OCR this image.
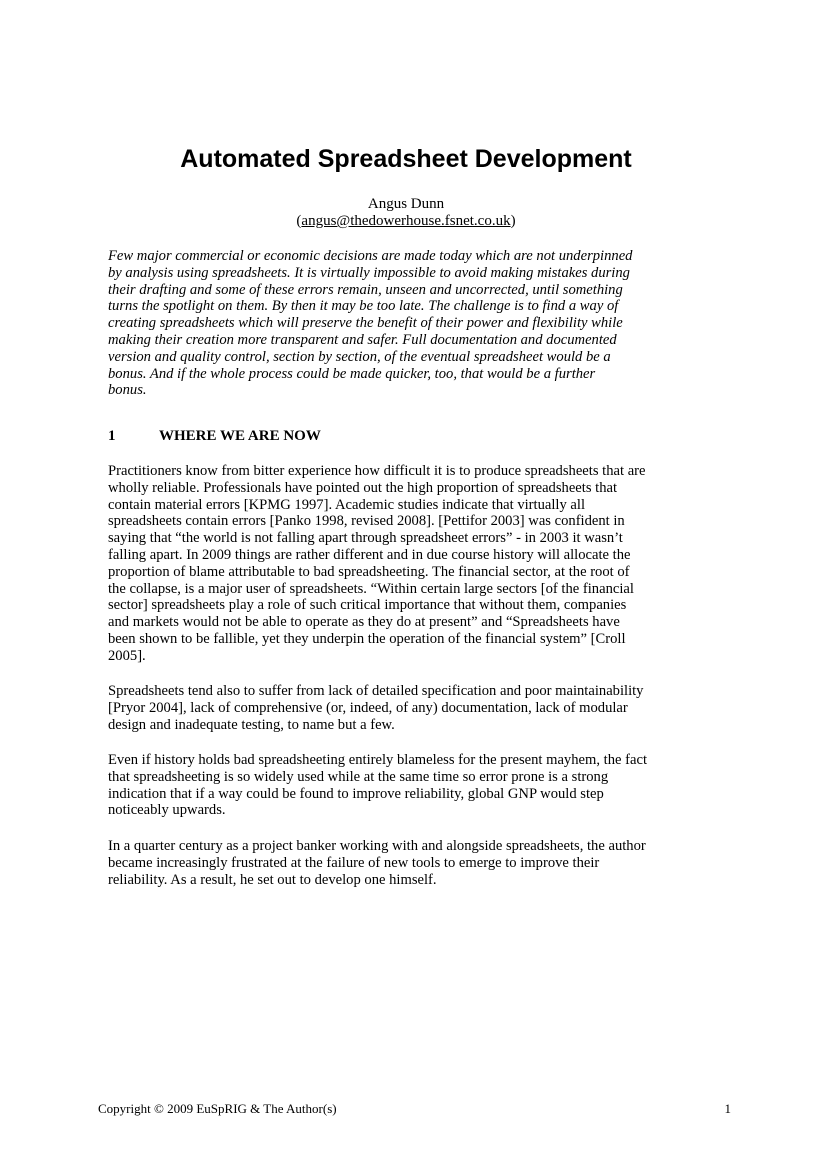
Automated Spreadsheet Development
Angus Dunn
(angus@thedowerhouse.fsnet.co.uk)
Few major commercial or economic decisions are made today which are not underpinned
by analysis using spreadsheets. It is virtually impossible to avoid making mistakes during
their drafting and some of these errors remain, unseen and uncorrected, until something
turns the spotlight on them. By then it may be too late. The challenge is to find a way of
creating spreadsheets which will preserve the benefit of their power and flexibility while
making their creation more transparent and safer. Full documentation and documented
version and quality control, section by section, of the eventual spreadsheet would be a
bonus. And if the whole process could be made quicker, too, that would be a further
bonus.
1	WHERE WE ARE NOW
Practitioners know from bitter experience how difficult it is to produce spreadsheets that are
wholly reliable. Professionals have pointed out the high proportion of spreadsheets that
contain material errors [KPMG 1997]. Academic studies indicate that virtually all
spreadsheets contain errors [Panko 1998, revised 2008]. [Pettifor 2003] was confident in
saying that “the world is not falling apart through spreadsheet errors” - in 2003 it wasn’t
falling apart. In 2009 things are rather different and in due course history will allocate the
proportion of blame attributable to bad spreadsheeting. The financial sector, at the root of
the collapse, is a major user of spreadsheets. “Within certain large sectors [of the financial
sector] spreadsheets play a role of such critical importance that without them, companies
and markets would not be able to operate as they do at present” and “Spreadsheets have
been shown to be fallible, yet they underpin the operation of the financial system” [Croll
2005].
Spreadsheets tend also to suffer from lack of detailed specification and poor maintainability
[Pryor 2004], lack of comprehensive (or, indeed, of any) documentation, lack of modular
design and inadequate testing, to name but a few.
Even if history holds bad spreadsheeting entirely blameless for the present mayhem, the fact
that spreadsheeting is so widely used while at the same time so error prone is a strong
indication that if a way could be found to improve reliability, global GNP would step
noticeably upwards.
In a quarter century as a project banker working with and alongside spreadsheets, the author
became increasingly frustrated at the failure of new tools to emerge to improve their
reliability. As a result, he set out to develop one himself.
Copyright © 2009 EuSpRIG & The Author(s)	1
